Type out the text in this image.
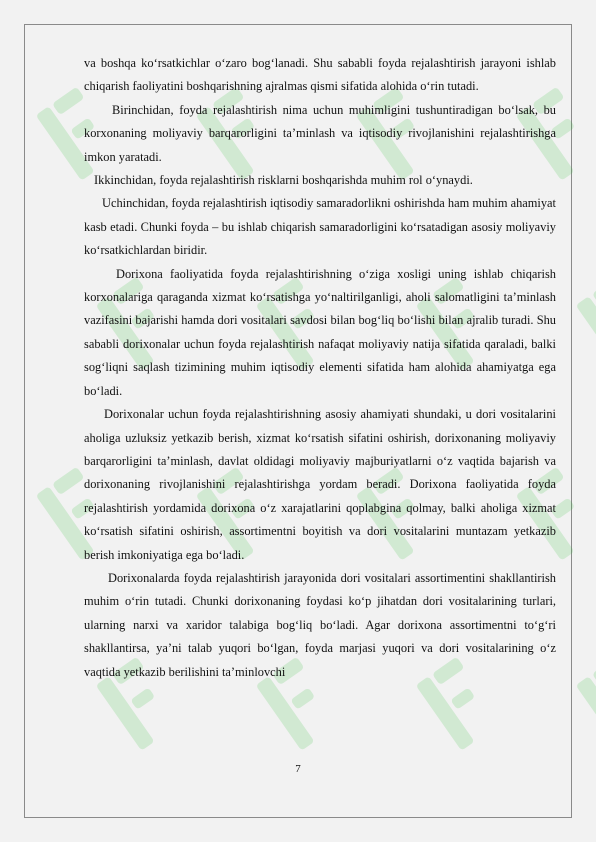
va boshqa ko‘rsatkichlar o‘zaro bog‘lanadi. Shu sababli foyda rejalashtirish jarayoni ishlab chiqarish faoliyatini boshqarishning ajralmas qismi sifatida alohida o‘rin tutadi.

Birinchidan, foyda rejalashtirish nima uchun muhimligini tushuntiradigan bo‘lsak, bu korxonaning moliyaviy barqarorligini ta’minlash va iqtisodiy rivojlanishini rejalashtirishga imkon yaratadi.

Ikkinchidan, foyda rejalashtirish risklarni boshqarishda muhim rol o‘ynaydi.

Uchinchidan, foyda rejalashtirish iqtisodiy samaradorlikni oshirishda ham muhim ahamiyat kasb etadi. Chunki foyda – bu ishlab chiqarish samaradorligini ko‘rsatadigan asosiy moliyaviy ko‘rsatkichlardan biridir.

Dorixona faoliyatida foyda rejalashtirishning o‘ziga xosligi uning ishlab chiqarish korxonalariga qaraganda xizmat ko‘rsatishga yo‘naltirilganligi, aholi salomatligini ta’minlash vazifasini bajarishi hamda dori vositalari savdosi bilan bog‘liq bo‘lishi bilan ajralib turadi. Shu sababli dorixonalar uchun foyda rejalashtirish nafaqat moliyaviy natija sifatida qaraladi, balki sog‘liqni saqlash tizimining muhim iqtisodiy elementi sifatida ham alohida ahamiyatga ega bo‘ladi.

Dorixonalar uchun foyda rejalashtirishning asosiy ahamiyati shundaki, u dori vositalarini aholiga uzluksiz yetkazib berish, xizmat ko‘rsatish sifatini oshirish, dorixonaning moliyaviy barqarorligini ta’minlash, davlat oldidagi moliyaviy majburiyatlarni o‘z vaqtida bajarish va dorixonaning rivojlanishini rejalashtirishga yordam beradi. Dorixona faoliyatida foyda rejalashtirish yordamida dorixona o‘z xarajatlarini qoplabgina qolmay, balki aholiga xizmat ko‘rsatish sifatini oshirish, assortimentni boyitish va dori vositalarini muntazam yetkazib berish imkoniyatiga ega bo‘ladi.

Dorixonalarda foyda rejalashtirish jarayonida dori vositalari assortimentini shakllantirish muhim o‘rin tutadi. Chunki dorixonaning foydasi ko‘p jihatdan dori vositalarining turlari, ularning narxi va xaridor talabiga bog‘liq bo‘ladi. Agar dorixona assortimentni to‘g‘ri shakllantirsa, ya’ni talab yuqori bo‘lgan, foyda marjasi yuqori va dori vositalarining o‘z vaqtida yetkazib berilishini ta’minlovchi

7
